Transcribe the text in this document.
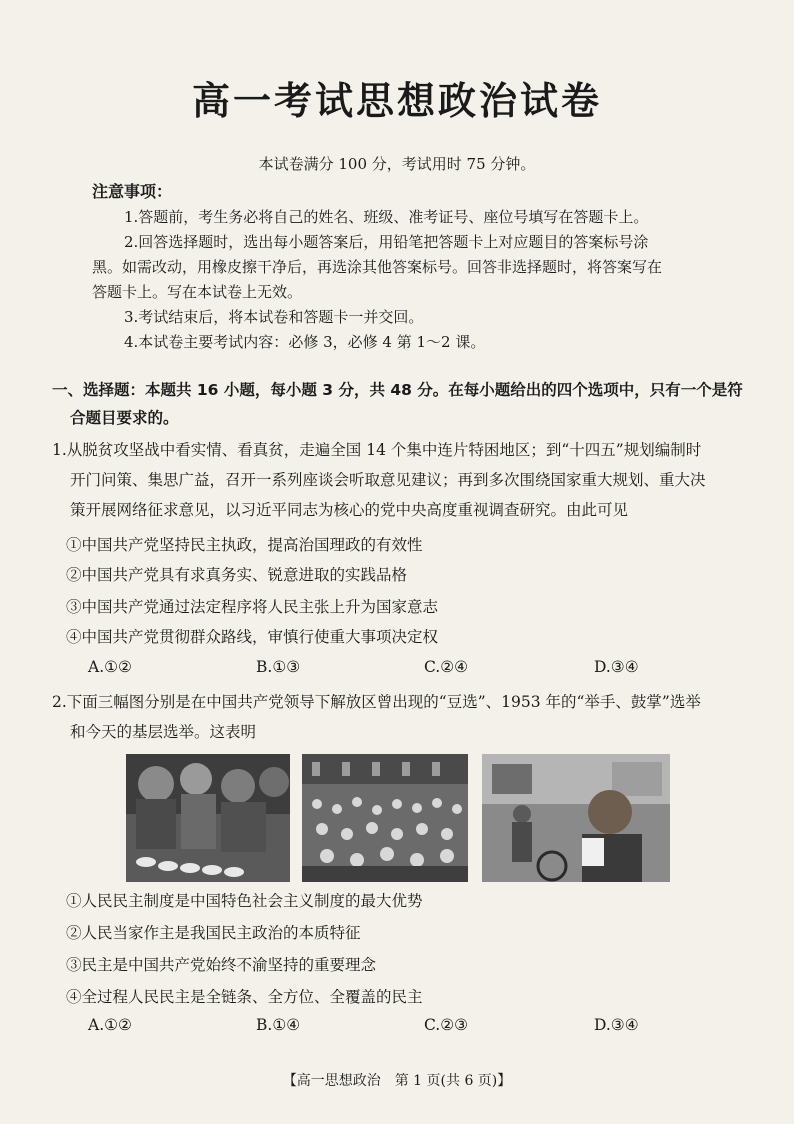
高一考试思想政治试卷
本试卷满分 100 分，考试用时 75 分钟。
注意事项：
1.答题前，考生务必将自己的姓名、班级、准考证号、座位号填写在答题卡上。
2.回答选择题时，选出每小题答案后，用铅笔把答题卡上对应题目的答案标号涂
黑。如需改动，用橡皮擦干净后，再选涂其他答案标号。回答非选择题时，将答案写在
答题卡上。写在本试卷上无效。
3.考试结束后，将本试卷和答题卡一并交回。
4.本试卷主要考试内容：必修 3，必修 4 第 1～2 课。
一、选择题：本题共 16 小题，每小题 3 分，共 48 分。在每小题给出的四个选项中，只有一个是符
合题目要求的。
1.从脱贫攻坚战中看实情、看真贫，走遍全国 14 个集中连片特困地区；到“十四五”规划编制时
开门问策、集思广益，召开一系列座谈会听取意见建议；再到多次围绕国家重大规划、重大决
策开展网络征求意见，以习近平同志为核心的党中央高度重视调查研究。由此可见
①中国共产党坚持民主执政，提高治国理政的有效性
②中国共产党具有求真务实、锐意进取的实践品格
③中国共产党通过法定程序将人民主张上升为国家意志
④中国共产党贯彻群众路线，审慎行使重大事项决定权
A.①②	B.①③	C.②④	D.③④
2.下面三幅图分别是在中国共产党领导下解放区曾出现的“豆选”、1953 年的“举手、鼓掌”选举
和今天的基层选举。这表明
①人民民主制度是中国特色社会主义制度的最大优势
②人民当家作主是我国民主政治的本质特征
③民主是中国共产党始终不渝坚持的重要理念
④全过程人民民主是全链条、全方位、全覆盖的民主
A.①②	B.①④	C.②③	D.③④
【高一思想政治　第 1 页(共 6 页)】
